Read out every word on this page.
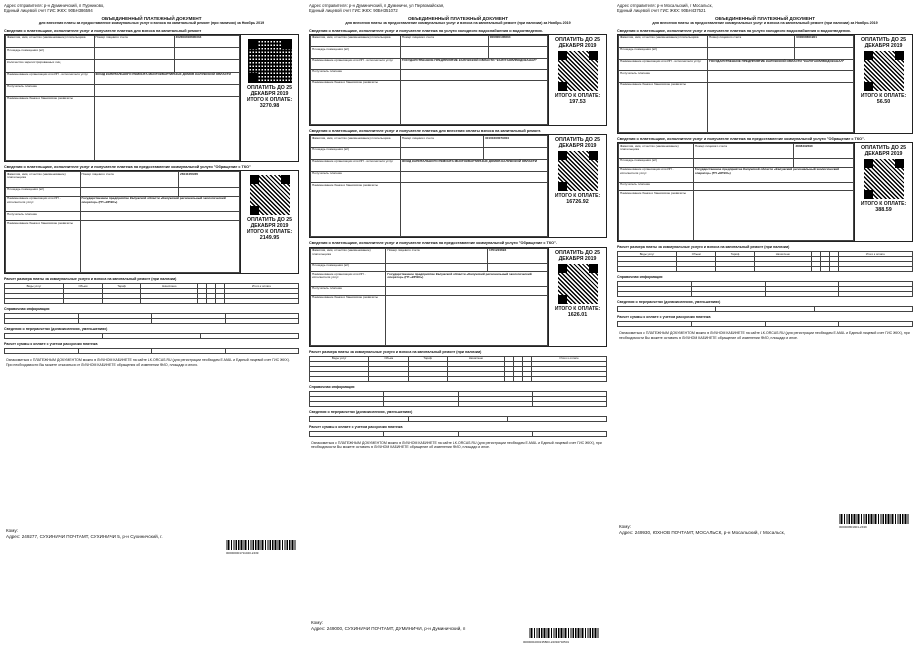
Адрес отправителя: р-н Думиничский, п Пурниково,
Единый лицевой счет ГИС ЖКХ: 90БН386594
ОБЪЕДИНЕННЫЙ ПЛАТЕЖНЫЙ ДОКУМЕНТ
для внесения платы за предоставление коммунальных услуг и взноса на капитальный ремонт (при наличии) за Ноябрь 2019
Сведения о плательщике, исполнителе услуг и получателе платежа для взноса на капитальный ремонт
Фамилия, имя, отчество (наименование) плательщика	Номер лицевого счета	402309018600334
Площадь помещения (м²)		
Количество зарегистрированных лиц		
Наименование организации или ИП - исполнителя услуг	ФОНД КАПИТАЛЬНОГО РЕМОНТА МНОГОКВАРТИРНЫХ ДОМОВ КАЛУЖСКОЙ ОБЛАСТИ	
Получатель платежа		
Наименование банка и банковские реквизиты		
ОПЛАТИТЬ ДО 25
ДЕКАБРЯ 2019
ИТОГО К ОПЛАТЕ:
3270.98
Сведения о плательщике, исполнителе услуг и получателе платежа на предоставление коммунальной услуги "Обращение с ТКО"
Фамилия, имя, отчество (наименование) плательщика	Номер лицевого счета	26041056/35
Площадь помещения (м²)		
Наименование организации или ИП - исполнителя услуг	Государственное предприятие Калужской области «Калужский региональный экологический оператор» (ГП «КРЭО»)	
Получатель платежа		
Наименование банка и банковские реквизиты			ОПЛАТИТЬ ДО 25
ДЕКАБРЯ 2019
ИТОГО К ОПЛАТЕ:
2149.95
Расчет размера платы за коммунальные услуги и взноса на капитальный ремонт (при наличии)
Виды услуг	Объем	Тариф	Начислено				Итого к оплате

Справочная информация

Сведения о перерасчетах (доначислениях, уменьшениях)

Расчет суммы к оплате с учетом рассрочки платежа

Ознакомиться с ПЛАТЕЖНЫМ ДОКУМЕНТОМ можно в ЛИЧНОМ КАБИНЕТЕ на сайте LK.ORCAS.RU (для регистрации необходим E-MAIL и Единый лицевой счет ГИС ЖКХ). При необходимости Вы можете отказаться от ЛИЧНОМ КАБИНЕТЕ обращения об изменении ФИО, площади и иного.
Кому:
Адрес: 249277, СУХИНИЧИ ПОЧТАМТ, СУХИНИЧИ 5, р-н Сухиничский, г.
000000001711020-2439
Адрес отправителя: р-н Думиничский, п Думиничи, ул Первомайская,
Единый лицевой счет ГИС ЖКХ: 90БН351072
ОБЪЕДИНЕННЫЙ ПЛАТЕЖНЫЙ ДОКУМЕНТ
для внесения платы за предоставление коммунальных услуг и взноса на капитальный ремонт (при наличии) за Ноябрь 2019
Сведения о плательщике, исполнителе услуг и получателе платежа на услуги холодного водоснабжения и водоотведения.
Фамилия, имя, отчество (наименование) плательщика	Номер лицевого счета	000000135804
Площадь помещения (м²)		
Наименование организации или ИП - исполнителя услуг	ГОСУДАРСТВЕННОЕ ПРЕДПРИЯТИЕ КАЛУЖСКОЙ ОБЛАСТИ "КАЛУГАОБЛВОДОКАНАЛ"	
Получатель платежа		
Наименование банка и банковские реквизиты		
ОПЛАТИТЬ ДО 25
ДЕКАБРЯ 2019
ИТОГО К ОПЛАТЕ:
197.53
Сведения о плательщике, исполнителе услуг и получателе платежа для внесения оплаты взноса на капитальный ремонт.
Фамилия, имя, отчество (наименование) плательщика	Номер лицевого счета	40100400079004
Площадь помещения (м²)		
Наименование организации или ИП - исполнителя услуг	ФОНД КАПИТАЛЬНОГО РЕМОНТА МНОГОКВАРТИРНЫХ ДОМОВ КАЛУЖСКОЙ ОБЛАСТИ	
Получатель платежа		
Наименование банка и банковские реквизиты		
ОПЛАТИТЬ ДО 25
ДЕКАБРЯ 2019
ИТОГО К ОПЛАТЕ:
16726.92
Сведения о плательщике, исполнителе услуг и получателе платежа на предоставление коммунальной услуги "Обращение с ТКО".
Фамилия, имя, отчество (наименование) плательщика	Номер лицевого счета	1701224694
Площадь помещения (м²)		
Наименование организации или ИП - исполнителя услуг	Государственное предприятие Калужской области «Калужский региональный экологический оператор» (ГП «КРЭО»)	
Получатель платежа		
Наименование банка и банковские реквизиты		
ОПЛАТИТЬ ДО 25
ДЕКАБРЯ 2019
ИТОГО К ОПЛАТЕ:
1626.01
Расчет размера платы за коммунальные услуги и взноса на капитальный ремонт (при наличии)
Виды услуг	Объем	Тариф	Начислено				Итого к оплате

Справочная информация

Сведения о перерасчетах (доначислениях, уменьшениях)

Расчет суммы к оплате с учетом рассрочки платежа

Ознакомиться с ПЛАТЕЖНЫМ ДОКУМЕНТОМ можно в ЛИЧНОМ КАБИНЕТЕ на сайте LK.ORCAS.RU (для регистрации необходим E-MAIL и Единый лицевой счет ГИС ЖКХ), при необходимости Вы можете оставить в ЛИЧНОМ КАБИНЕТЕ обращение об изменении ФИО, площади и иное.
Кому:
Адрес: 249000, СУХИНИЧИ ПОЧТАМТ, ДУМИНИЧИ, р-н Думиничский, п
0000001000135803-24394732501
Адрес отправителя: р-н Мосальский, г Мосальск,
Единый лицевой счет ГИС ЖКХ: 90БН437521
ОБЪЕДИНЕННЫЙ ПЛАТЕЖНЫЙ ДОКУМЕНТ
для внесения платы за предоставление коммунальных услуг и взноса на капитальный ремонт (при наличии) за Ноябрь 2019
Сведения о плательщике, исполнителе услуг и получателе платежа на услуги холодного водоснабжения и водоотведения.
Фамилия, имя, отчество (наименование) плательщика	Номер лицевого счета	000000601901
Площадь помещения (м²)		
Наименование организации или ИП - исполнителя услуг	ГОСУДАРСТВЕННОЕ ПРЕДПРИЯТИЕ КАЛУЖСКОЙ ОБЛАСТИ "КАЛУГАОБЛВОДОКАНАЛ"	
Получатель платежа		
Наименование банка и банковские реквизиты		
ОПЛАТИТЬ ДО 25
ДЕКАБРЯ 2019
ИТОГО К ОПЛАТЕ:
56.50
Сведения о плательщике, исполнителе услуг и получателе платежа на предоставление коммунальной услуги "Обращение с ТКО".
Фамилия, имя, отчество (наименование) плательщика	Номер лицевого счета	2808432690
Площадь помещения (м²)		
Наименование организации или ИП - исполнителя услуг	Государственное предприятие Калужской области «Калужский региональный экологический оператор» (ГП «КРЭО»)	
Получатель платежа		
Наименование банка и банковские реквизиты		
ОПЛАТИТЬ ДО 25
ДЕКАБРЯ 2019
ИТОГО К ОПЛАТЕ:
388.59
Расчет размера платы за коммунальные услуги и взноса на капитальный ремонт (при наличии)
Виды услуг	Объем	Тариф	Начислено				Итого к оплате

Справочная информация

Сведения о перерасчетах (доначислениях, уменьшениях)

Расчет суммы к оплате с учетом рассрочки платежа

Ознакомиться с ПЛАТЕЖНЫМ ДОКУМЕНТОМ можно в ЛИЧНОМ КАБИНЕТЕ на сайте LK.ORCAS.RU (для регистрации необходим E-MAIL и Единый лицевой счет ГИС ЖКХ), при необходимости Вы можете оставить в ЛИЧНОМ КАБИНЕТЕ обращение об изменении ФИО, площади и иное.
Кому:
Адрес: 249930, ЮХНОВ ПОЧТАМТ, МОСАЛЬСК, р-н Мосальский, г Мосальск,
000000801901-2439
